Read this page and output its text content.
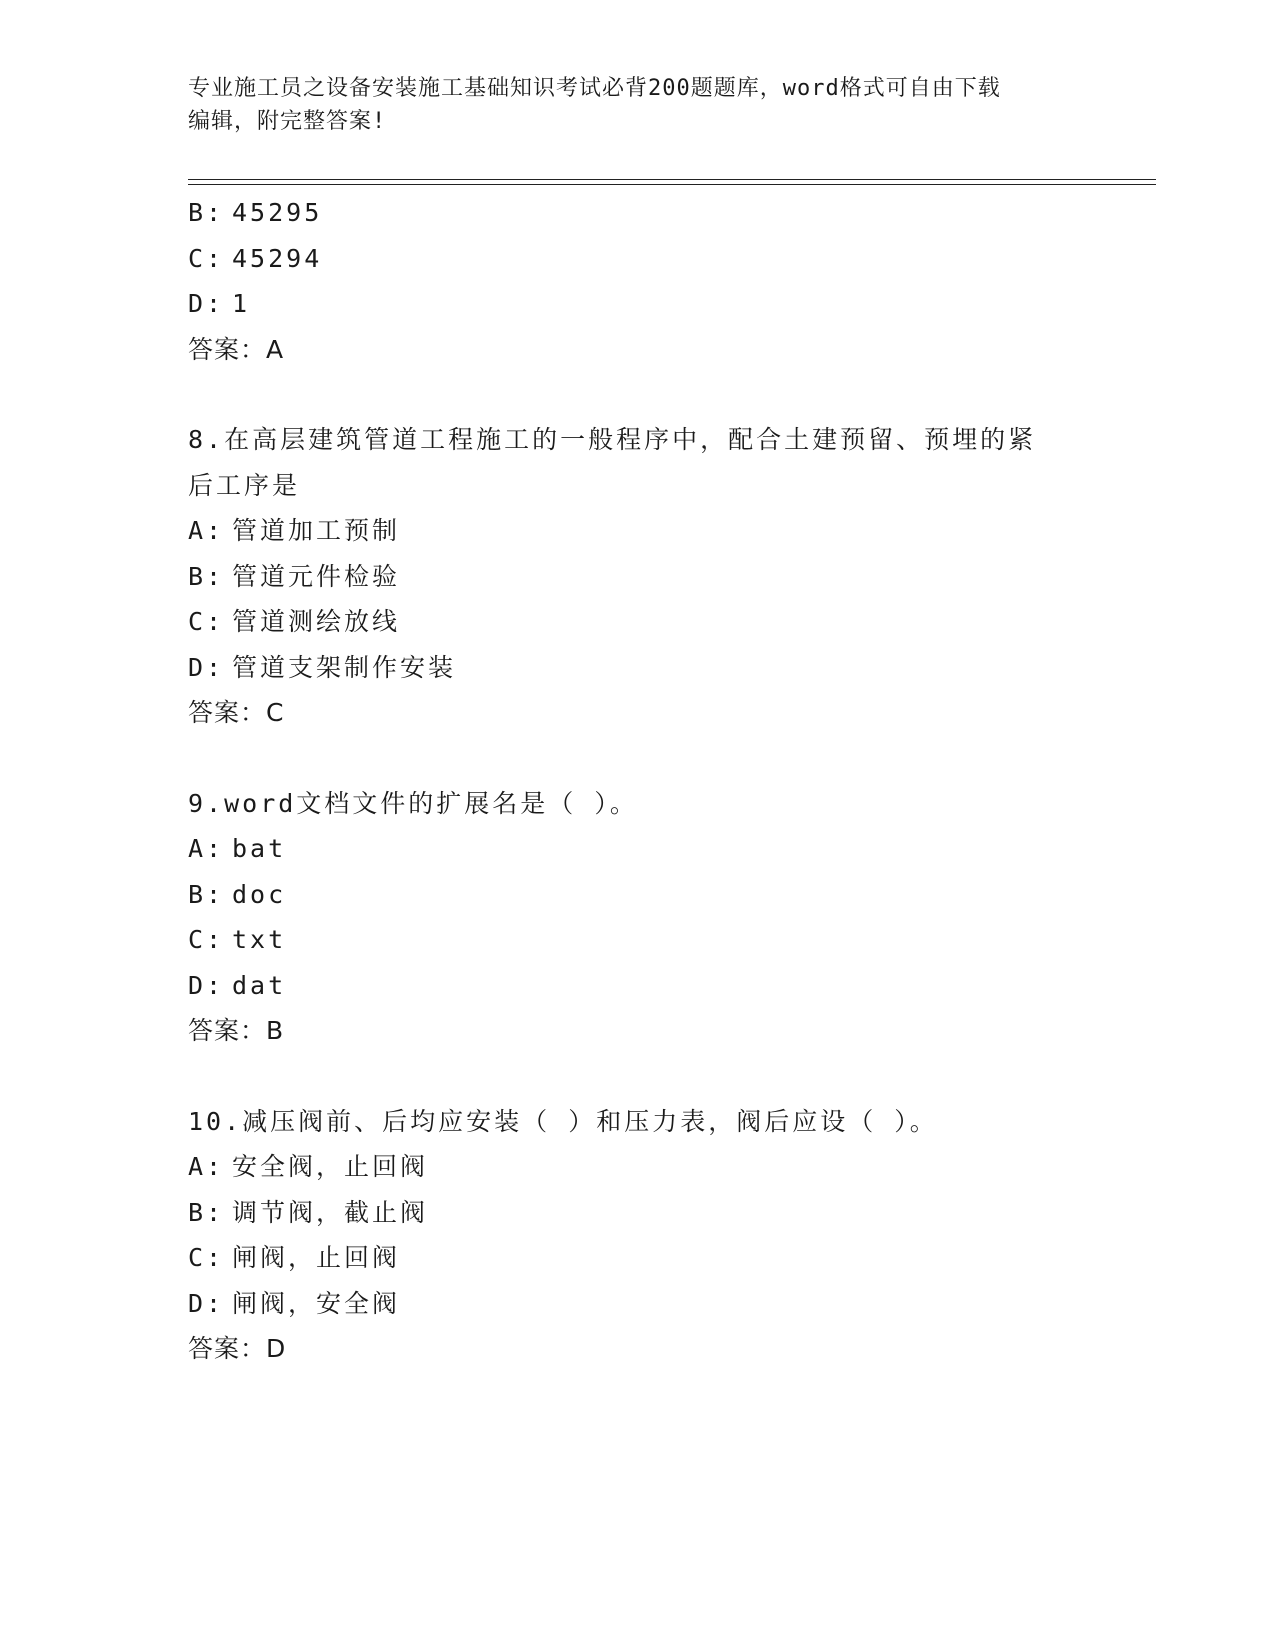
专业施工员之设备安装施工基础知识考试必背200题题库，word格式可自由下载
编辑，附完整答案!
B: 45295
C: 45294
D: 1
答案：A
8.在高层建筑管道工程施工的一般程序中，配合土建预留、预埋的紧
后工序是
A: 管道加工预制
B: 管道元件检验
C: 管道测绘放线
D: 管道支架制作安装
答案：C
9.word文档文件的扩展名是（ ）。
A: bat
B: doc
C: txt
D: dat
答案：B
10.减压阀前、后均应安装（ ）和压力表，阀后应设（ ）。
A: 安全阀，止回阀
B: 调节阀，截止阀
C: 闸阀，止回阀
D: 闸阀，安全阀
答案：D
